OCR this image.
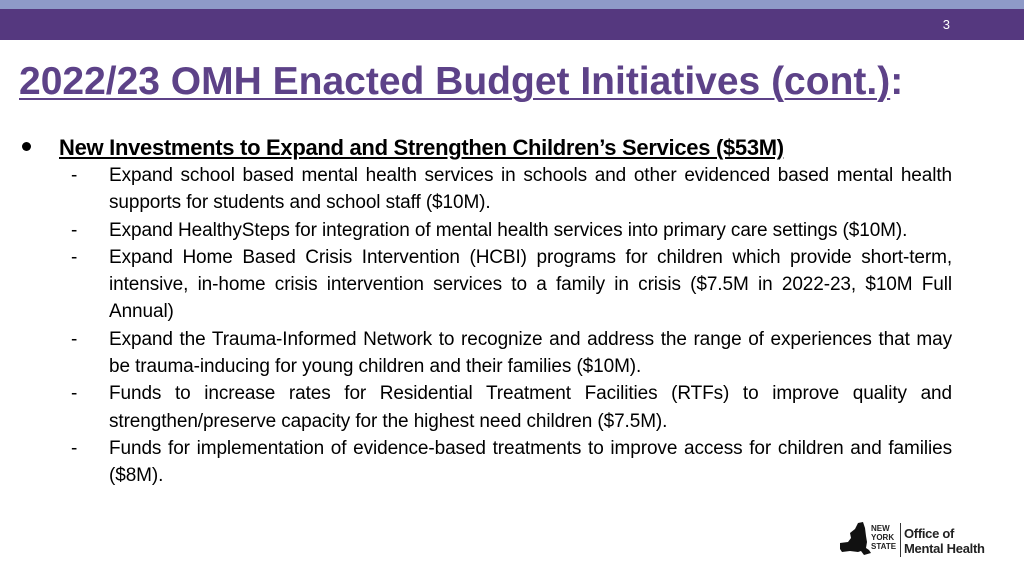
3
2022/23 OMH Enacted Budget Initiatives (cont.):
New Investments to Expand and Strengthen Children’s Services ($53M)
- Expand school based mental health services in schools and other evidenced based mental health supports for students and school staff ($10M).
- Expand HealthySteps for integration of mental health services into primary care settings ($10M).
- Expand Home Based Crisis Intervention (HCBI) programs for children which provide short-term, intensive, in-home crisis intervention services to a family in crisis ($7.5M in 2022-23, $10M Full Annual)
- Expand the Trauma-Informed Network to recognize and address the range of experiences that may be trauma-inducing for young children and their families ($10M).
- Funds to increase rates for Residential Treatment Facilities (RTFs) to improve quality and strengthen/preserve capacity for the highest need children ($7.5M).
- Funds for implementation of evidence-based treatments to improve access for children and families ($8M).
NEW
YORK
STATE
Office of
Mental Health
